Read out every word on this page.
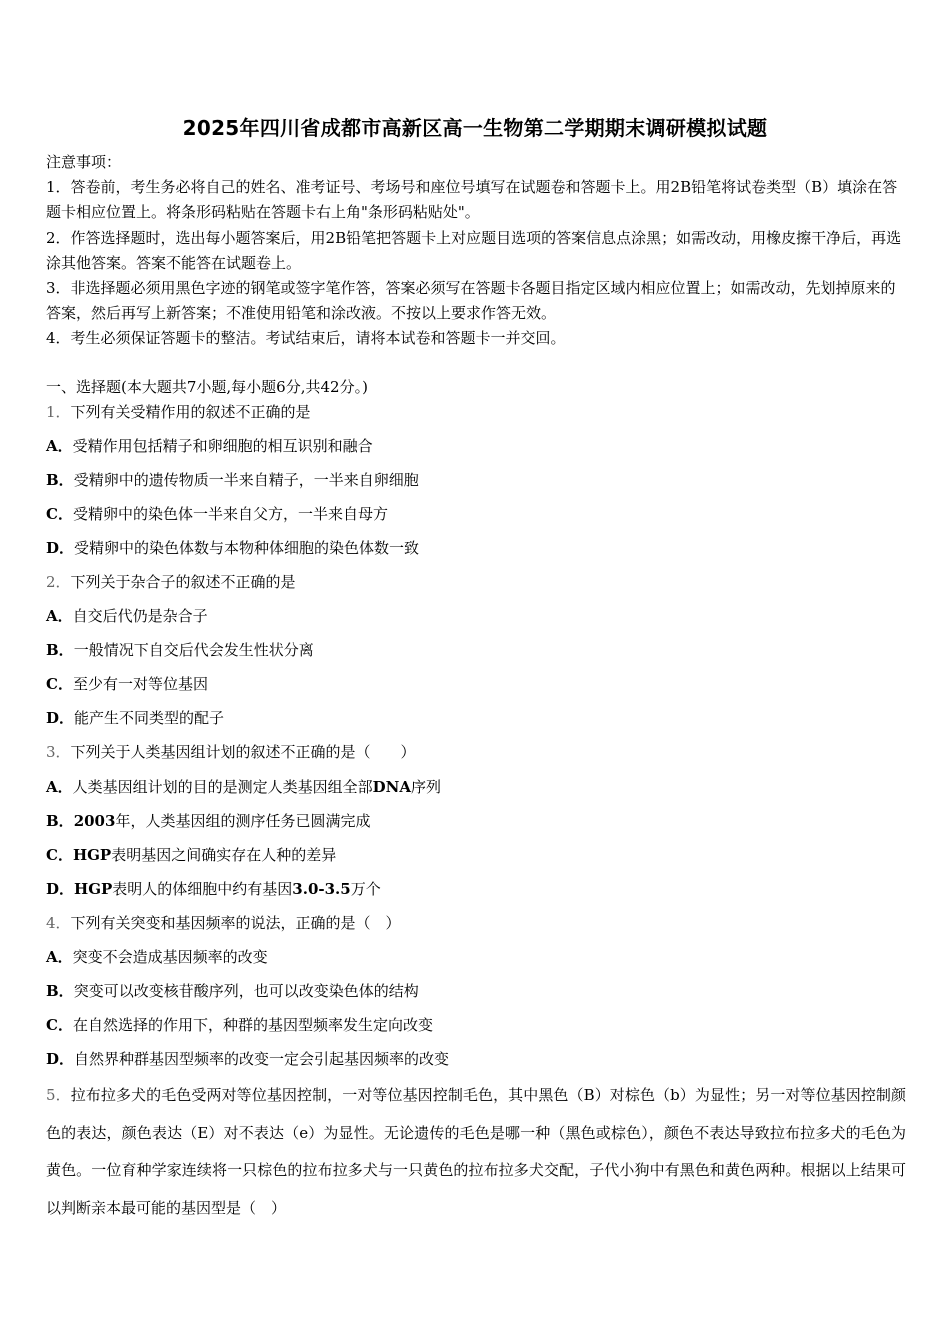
2025年四川省成都市高新区高一生物第二学期期末调研模拟试题

注意事项：

1．答卷前，考生务必将自己的姓名、准考证号、考场号和座位号填写在试题卷和答题卡上。用2B铅笔将试卷类型（B）填涂在答题卡相应位置上。将条形码粘贴在答题卡右上角"条形码粘贴处"。

2．作答选择题时，选出每小题答案后，用2B铅笔把答题卡上对应题目选项的答案信息点涂黑；如需改动，用橡皮擦干净后，再选涂其他答案。答案不能答在试题卷上。

3．非选择题必须用黑色字迹的钢笔或签字笔作答，答案必须写在答题卡各题目指定区域内相应位置上；如需改动，先划掉原来的答案，然后再写上新答案；不准使用铅笔和涂改液。不按以上要求作答无效。

4．考生必须保证答题卡的整洁。考试结束后，请将本试卷和答题卡一并交回。

一、选择题(本大题共7小题,每小题6分,共42分。)
1．下列有关受精作用的叙述不正确的是
A．受精作用包括精子和卵细胞的相互识别和融合
B．受精卵中的遗传物质一半来自精子，一半来自卵细胞
C．受精卵中的染色体一半来自父方，一半来自母方
D．受精卵中的染色体数与本物种体细胞的染色体数一致
2．下列关于杂合子的叙述不正确的是
A．自交后代仍是杂合子
B．一般情况下自交后代会发生性状分离
C．至少有一对等位基因
D．能产生不同类型的配子
3．下列关于人类基因组计划的叙述不正确的是（　　）
A．人类基因组计划的目的是测定人类基因组全部DNA序列
B．2003年，人类基因组的测序任务已圆满完成
C．HGP表明基因之间确实存在人种的差异
D．HGP表明人的体细胞中约有基因3.0-3.5万个
4．下列有关突变和基因频率的说法，正确的是（　）
A．突变不会造成基因频率的改变
B．突变可以改变核苷酸序列，也可以改变染色体的结构
C．在自然选择的作用下，种群的基因型频率发生定向改变
D．自然界种群基因型频率的改变一定会引起基因频率的改变
5．拉布拉多犬的毛色受两对等位基因控制，一对等位基因控制毛色，其中黑色（B）对棕色（b）为显性；另一对等位基因控制颜色的表达，颜色表达（E）对不表达（e）为显性。无论遗传的毛色是哪一种（黑色或棕色），颜色不表达导致拉布拉多犬的毛色为黄色。一位育种学家连续将一只棕色的拉布拉多犬与一只黄色的拉布拉多犬交配，子代小狗中有黑色和黄色两种。根据以上结果可以判断亲本最可能的基因型是（　）
